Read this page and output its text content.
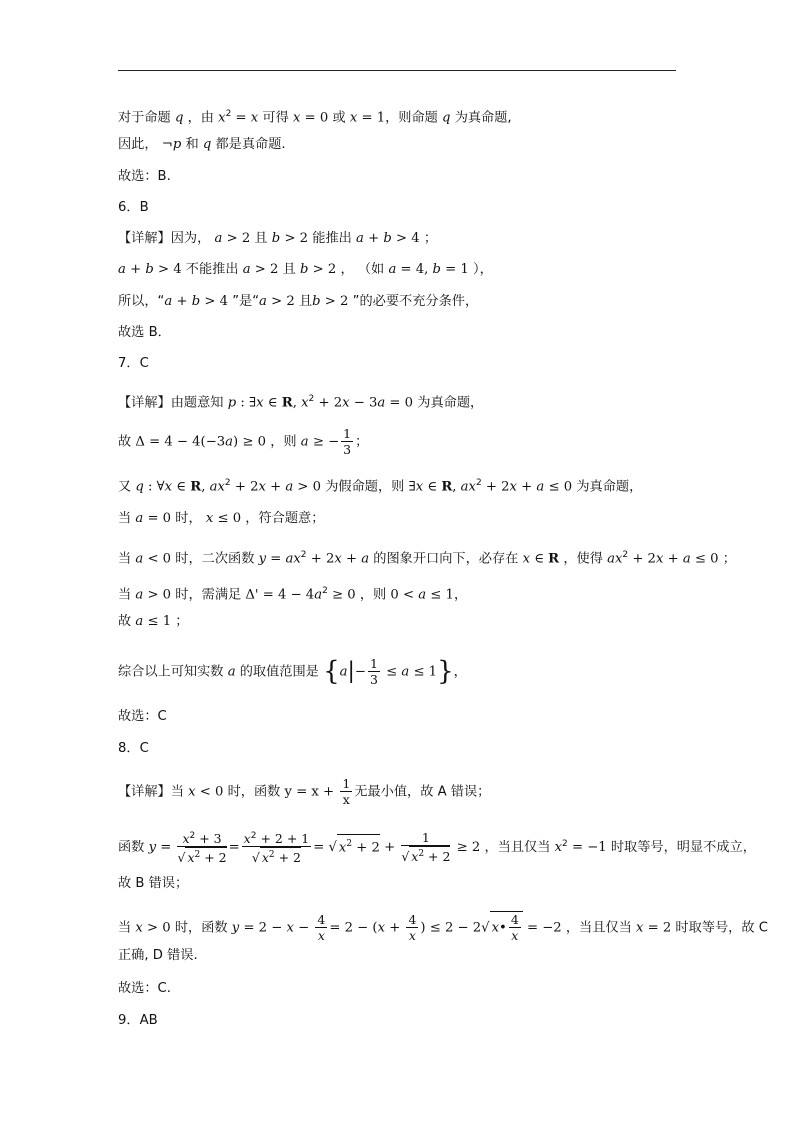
对于命题 q ，由 $x^2 = x$ 可得 x = 0 或 x = 1，则命题 q 为真命题,
因此， ¬p 和 q 都是真命题.
故选：B.
6．B
【详解】因为， a > 2 且 b > 2 能推出 a + b > 4 ；
a + b > 4 不能推出 a > 2 且 b > 2 ， （如 a = 4, b = 1 ），
所以，“a + b > 4 ”是“a > 2 且b > 2 ”的必要不充分条件，
故选 B．
7．C
【详解】由题意知 p : ∃x ∈ R, $x^2 + 2x - 3a = 0$ 为真命题，
故 Δ = 4 − 4(−3a) ≥ 0 ，则 a ≥ − $\frac{1}{3}$ ；
又 q : ∀x ∈ R, $ax^2 + 2x + a > 0$ 为假命题，则 ∃x ∈ R, $ax^2 + 2x + a \le 0$ 为真命题，
当 a = 0 时， x ≤ 0 ，符合题意；
当 a < 0 时，二次函数 $y = ax^2 + 2x + a$ 的图象开口向下，必存在 x ∈ R ，使得 $ax^2 + 2x + a \le 0$ ；
当 a > 0 时，需满足 $\Delta' = 4 - 4a^2 \ge 0$ ，则 0 < a ≤ 1，
故 a ≤ 1 ；
综合以上可知实数 a 的取值范围是 $\{a|- \frac{1}{3} \le a \le 1\}$，
故选：C
8．C
【详解】当 x < 0 时，函数 $y = x + \frac{1}{x}$ 无最小值，故 A 错误；
函数 $y = \frac{x^2 + 3}{√ x^2 + 2} = \frac{x^2 + 2 + 1}{√ x^2 + 2}$ = √ $x^2 + 2 + \frac{1}{√ x^2 + 2} \ge 2$ ，当且仅当 $x^2 = -1$ 时取等号，明显不成立，
故 B 错误；
当 x > 0 时，函数 $y = 2 - x - \frac{4}{x} = 2 - (x + \frac{4}{x}$ ) ≤ 2 − 2√ x• $\frac{4}{x} = -2$ ，当且仅当 x = 2 时取等号，故 C
正确, D 错误.
故选：C.
9．AB
